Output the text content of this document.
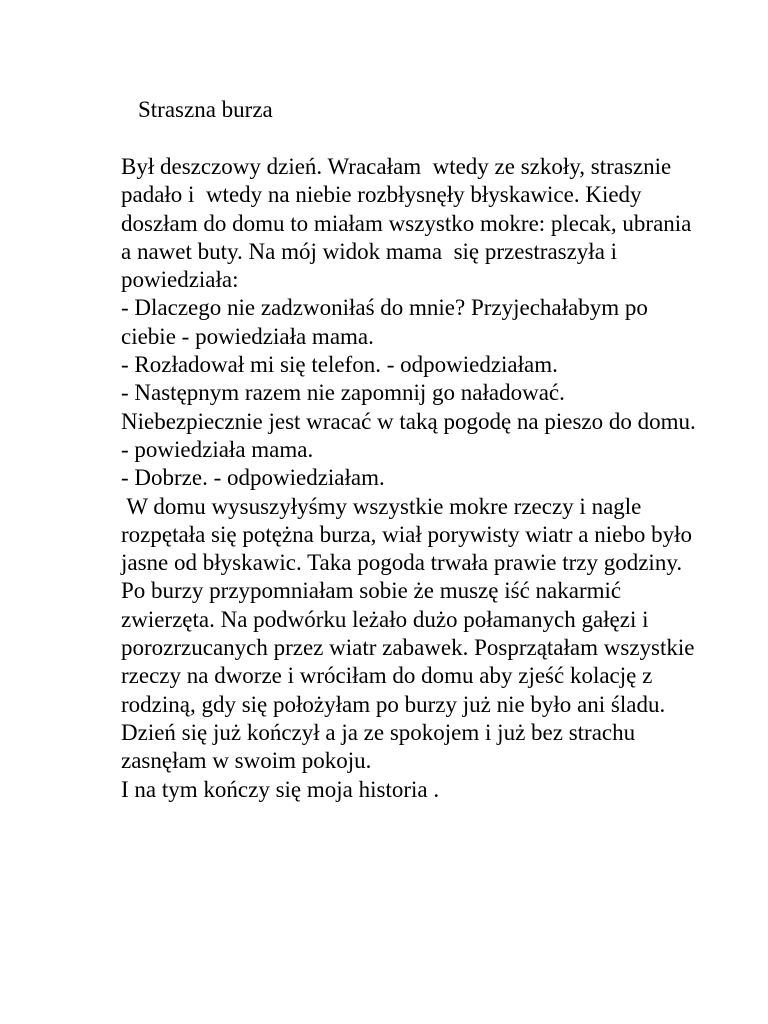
Straszna burza
Był deszczowy dzień. Wracałam  wtedy ze szkoły, strasznie
padało i  wtedy na niebie rozbłysnęły błyskawice. Kiedy
doszłam do domu to miałam wszystko mokre: plecak, ubrania
a nawet buty. Na mój widok mama  się przestraszyła i
powiedziała:
- Dlaczego nie zadzwoniłaś do mnie? Przyjechałabym po
ciebie - powiedziała mama.
- Rozładował mi się telefon. - odpowiedziałam.
- Następnym razem nie zapomnij go naładować.
Niebezpiecznie jest wracać w taką pogodę na pieszo do domu.
- powiedziała mama.
- Dobrze. - odpowiedziałam.
W domu wysuszyłyśmy wszystkie mokre rzeczy i nagle
rozpętała się potężna burza, wiał porywisty wiatr a niebo było
jasne od błyskawic. Taka pogoda trwała prawie trzy godziny.
Po burzy przypomniałam sobie że muszę iść nakarmić
zwierzęta. Na podwórku leżało dużo połamanych gałęzi i
porozrzucanych przez wiatr zabawek. Posprzątałam wszystkie
rzeczy na dworze i wróciłam do domu aby zjeść kolację z
rodziną, gdy się położyłam po burzy już nie było ani śladu.
Dzień się już kończył a ja ze spokojem i już bez strachu
zasnęłam w swoim pokoju.
I na tym kończy się moja historia .
